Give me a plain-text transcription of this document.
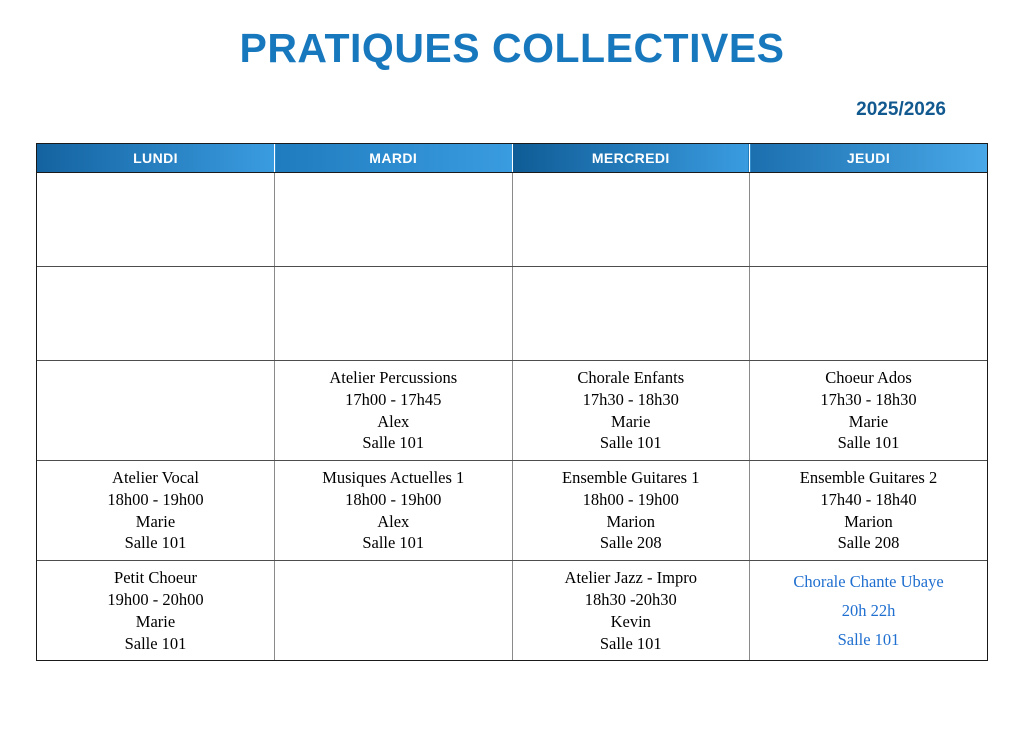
PRATIQUES COLLECTIVES
2025/2026
LUNDI	MARDI	MERCREDI	JEUDI

	Atelier Percussions
17h00 - 17h45
Alex
Salle 101	Chorale Enfants
17h30 - 18h30
Marie
Salle 101	Choeur Ados
17h30 - 18h30
Marie
Salle 101

Atelier Vocal
18h00 - 19h00
Marie
Salle 101	Musiques Actuelles 1
18h00 - 19h00
Alex
Salle 101	Ensemble Guitares 1
18h00 - 19h00
Marion
Salle 208	Ensemble Guitares 2
17h40 - 18h40
Marion
Salle 208

Petit Choeur
19h00 - 20h00
Marie
Salle 101		Atelier Jazz - Impro
18h30 -20h30
Kevin
Salle 101	Chorale Chante Ubaye
20h 22h
Salle 101
